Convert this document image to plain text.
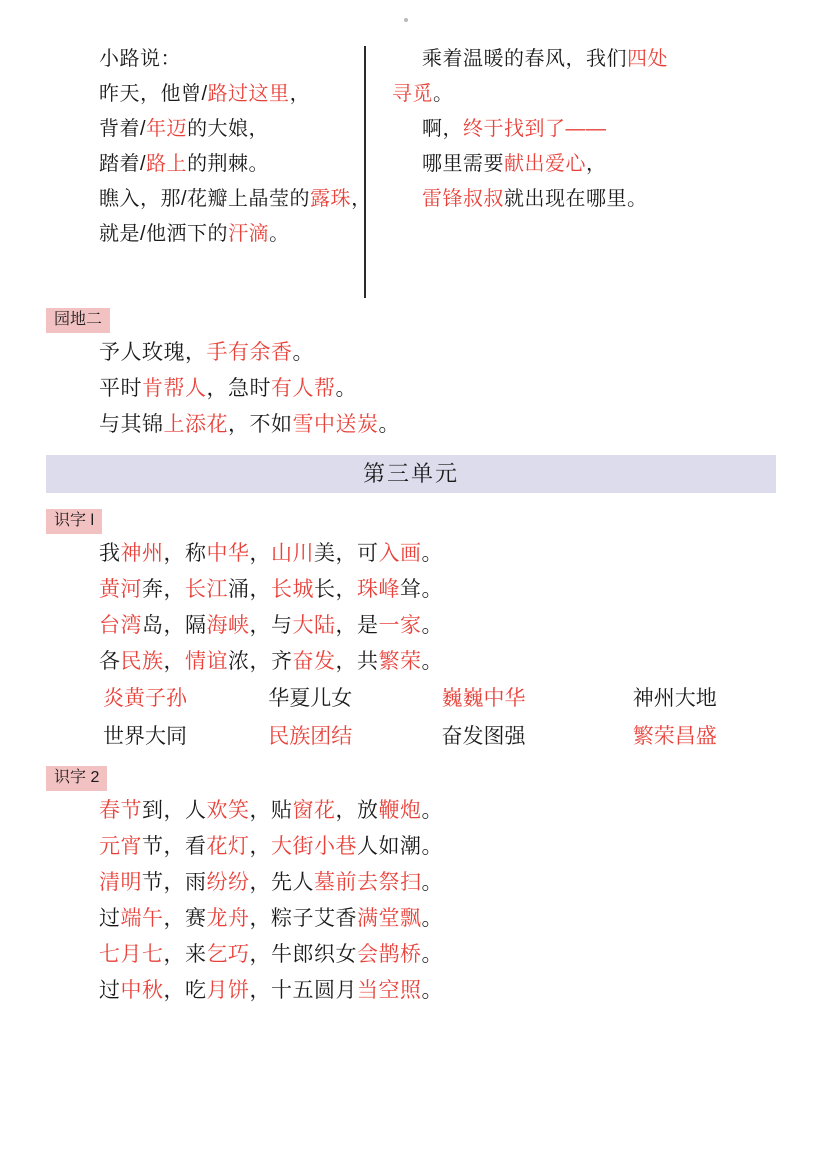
小路说：
昨天，他曾/路过这里，
背着/年迈的大娘，
踏着/路上的荆棘。
瞧入，那/花瓣上晶莹的露珠，
就是/他洒下的汗滴。
乘着温暖的春风，我们四处
寻觅。
啊，终于找到了——
哪里需要献出爱心，
雷锋叔叔就出现在哪里。
园地二
予人玫瑰，手有余香。
平时肯帮人，急时有人帮。
与其锦上添花，不如雪中送炭。
第三单元
识字 l
我神州，称中华，山川美，可入画。
黄河奔，长江涌，长城长，珠峰耸。
台湾岛，隔海峡，与大陆，是一家。
各民族，情谊浓，齐奋发，共繁荣。
炎黄子孙	华夏儿女	巍巍中华	神州大地
世界大同	民族团结	奋发图强	繁荣昌盛
识字 2
春节到，人欢笑，贴窗花，放鞭炮。
元宵节，看花灯，大街小巷人如潮。
清明节，雨纷纷，先人墓前去祭扫。
过端午，赛龙舟，粽子艾香满堂飘。
七月七，来乞巧，牛郎织女会鹊桥。
过中秋，吃月饼，十五圆月当空照。
